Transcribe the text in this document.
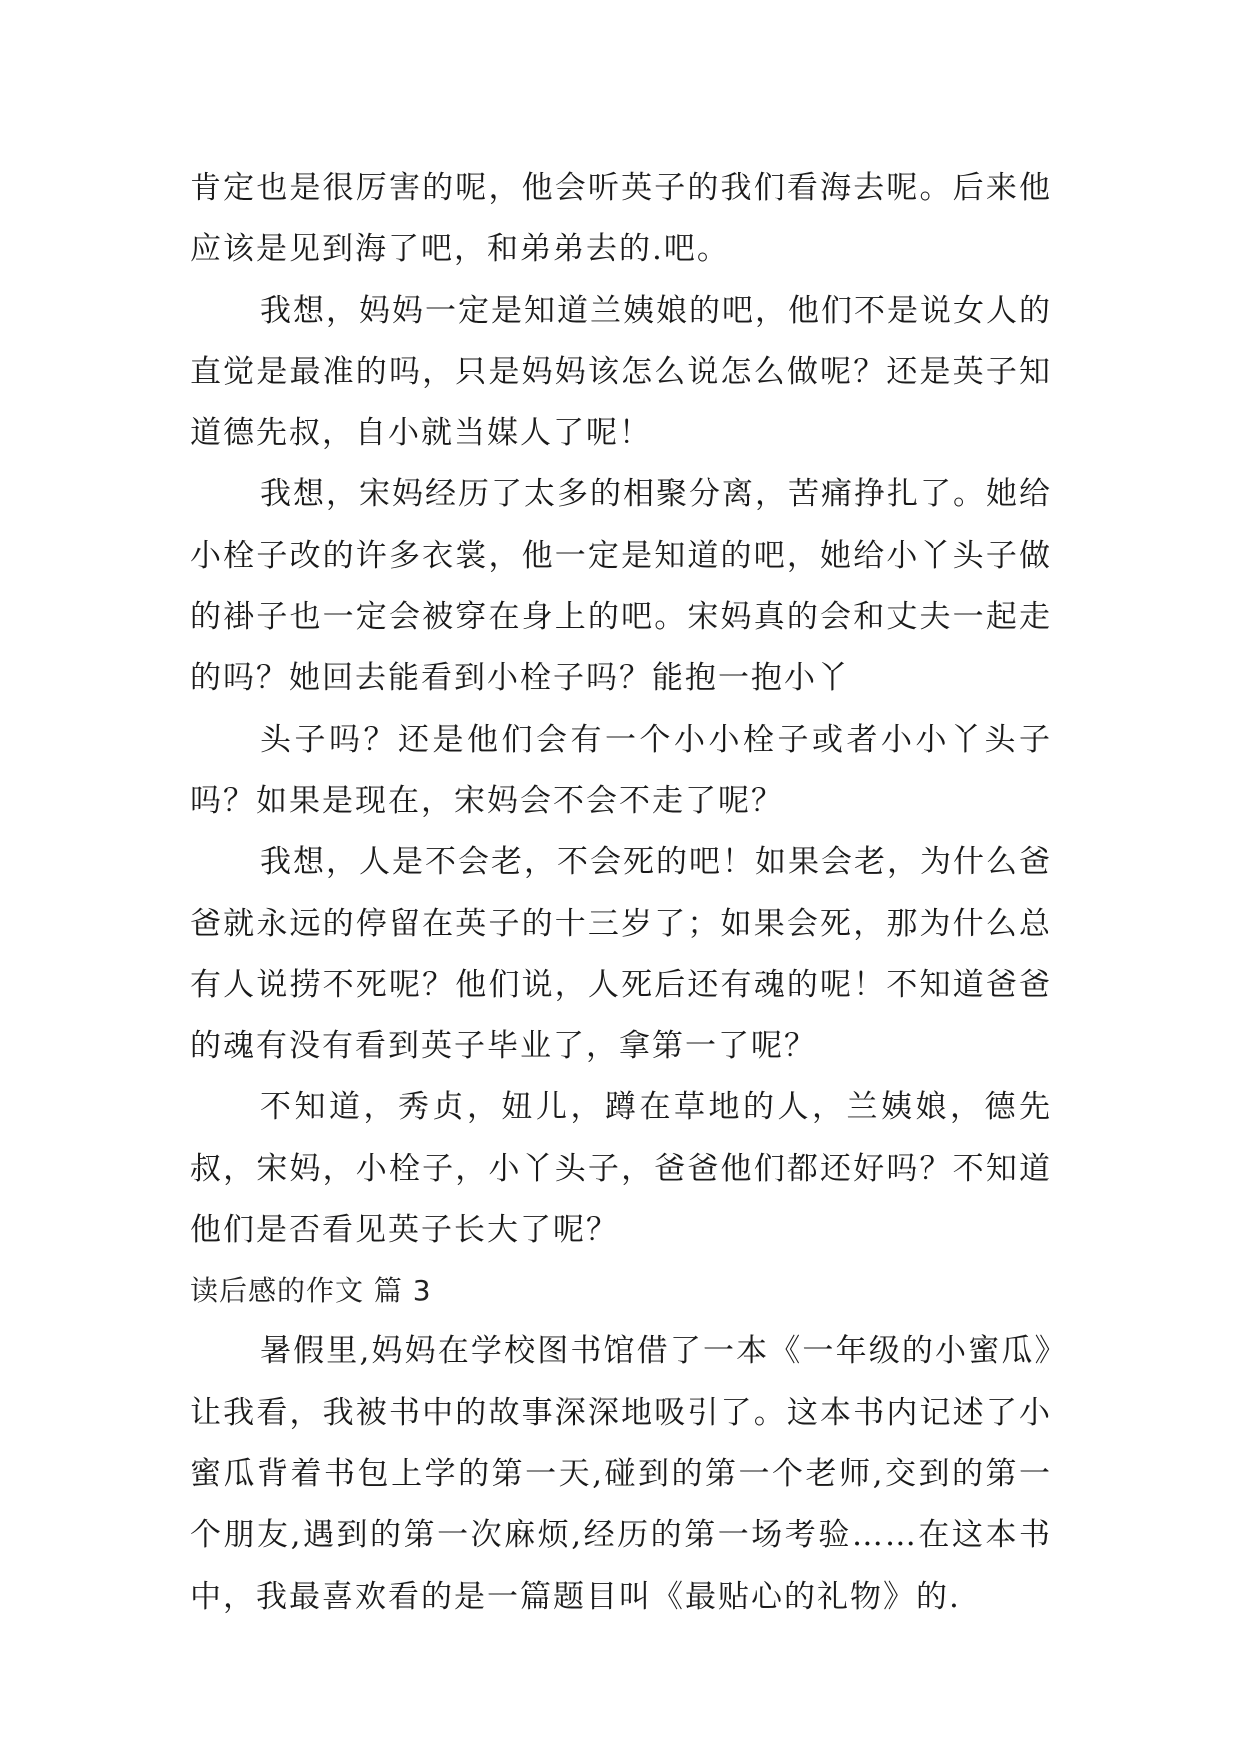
肯定也是很厉害的呢，他会听英子的我们看海去呢。后来他应该是见到海了吧，和弟弟去的.吧。

我想，妈妈一定是知道兰姨娘的吧，他们不是说女人的直觉是最准的吗，只是妈妈该怎么说怎么做呢？还是英子知道德先叔，自小就当媒人了呢！

我想，宋妈经历了太多的相聚分离，苦痛挣扎了。她给小栓子改的许多衣裳，他一定是知道的吧，她给小丫头子做的褂子也一定会被穿在身上的吧。宋妈真的会和丈夫一起走的吗？她回去能看到小栓子吗？能抱一抱小丫

头子吗？还是他们会有一个小小栓子或者小小丫头子吗？如果是现在，宋妈会不会不走了呢？

我想，人是不会老，不会死的吧！如果会老，为什么爸爸就永远的停留在英子的十三岁了；如果会死，那为什么总有人说捞不死呢？他们说，人死后还有魂的呢！不知道爸爸的魂有没有看到英子毕业了，拿第一了呢？

不知道，秀贞，妞儿，蹲在草地的人，兰姨娘，德先叔，宋妈，小栓子，小丫头子，爸爸他们都还好吗？不知道他们是否看见英子长大了呢？

读后感的作文 篇 3

暑假里,妈妈在学校图书馆借了一本《一年级的小蜜瓜》让我看，我被书中的故事深深地吸引了。这本书内记述了小蜜瓜背着书包上学的第一天,碰到的第一个老师,交到的第一个朋友,遇到的第一次麻烦,经历的第一场考验……在这本书中，我最喜欢看的是一篇题目叫《最贴心的礼物》的.
